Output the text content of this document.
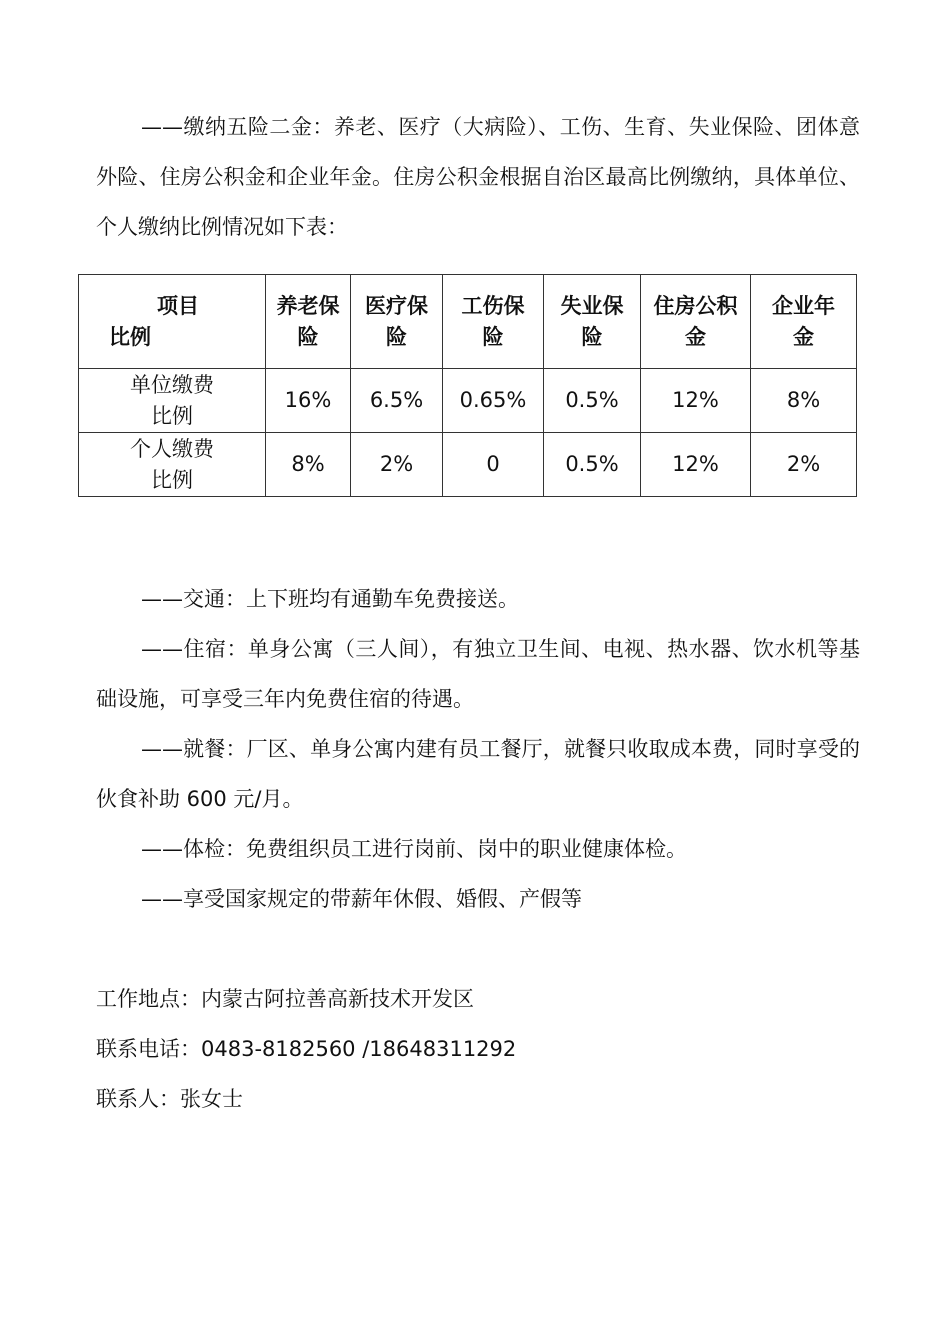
——缴纳五险二金：养老、医疗（大病险）、工伤、生育、失业保险、团体意外险、住房公积金和企业年金。住房公积金根据自治区最高比例缴纳，具体单位、个人缴纳比例情况如下表：

项目
比例	养老保险	医疗保险	工伤保险	失业保险	住房公积金	企业年金
单位缴费比例	16%	6.5%	0.65%	0.5%	12%	8%
个人缴费比例	8%	2%	0	0.5%	12%	2%

——交通：上下班均有通勤车免费接送。

——住宿：单身公寓（三人间），有独立卫生间、电视、热水器、饮水机等基础设施，可享受三年内免费住宿的待遇。

——就餐：厂区、单身公寓内建有员工餐厅，就餐只收取成本费，同时享受的伙食补助 600 元/月。

——体检：免费组织员工进行岗前、岗中的职业健康体检。

——享受国家规定的带薪年休假、婚假、产假等

工作地点：内蒙古阿拉善高新技术开发区

联系电话：0483-8182560 /18648311292

联系人：张女士
